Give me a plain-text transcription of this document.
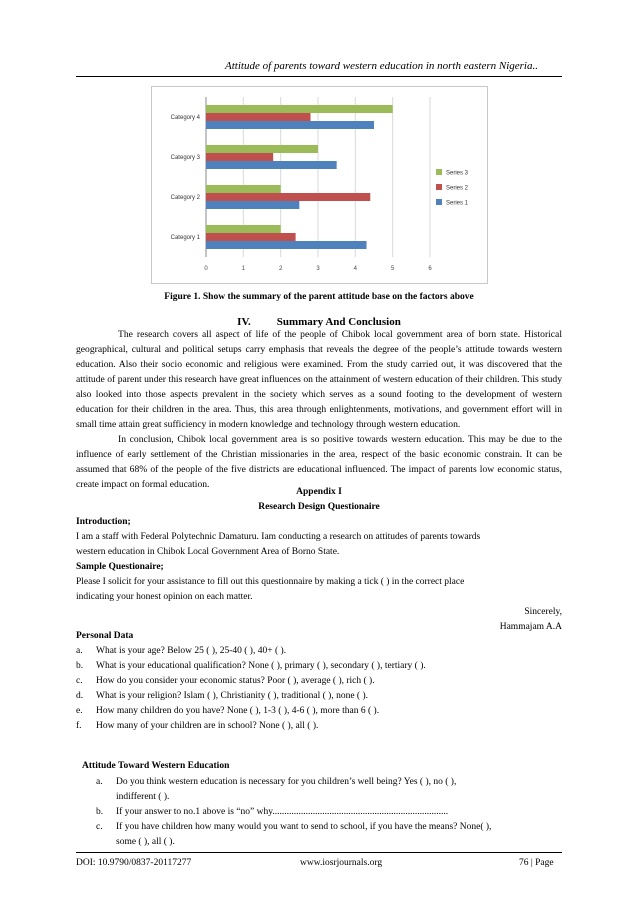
Attitude of parents toward western education in north eastern Nigeria..
0	1	2	3	4	5	6
Category 1
Category 2
Category 3
Category 4
Series 3
Series 2
Series 1
Figure 1. Show the summary of the parent attitude base on the factors above
IV. Summary And Conclusion

The research covers all aspect of life of the people of Chibok local government area of born state. Historical geographical, cultural and political setups carry emphasis that reveals the degree of the people’s attitude towards western education. Also their socio economic and religious were examined. From the study carried out, it was discovered that the attitude of parent under this research have great influences on the attainment of western education of their children. This study also looked into those aspects prevalent in the society which serves as a sound footing to the development of western education for their children in the area. Thus, this area through enlightenments, motivations, and government effort will in small time attain great sufficiency in modern knowledge and technology through western education.

In conclusion, Chibok local government area is so positive towards western education. This may be due to the influence of early settlement of the Christian missionaries in the area, respect of the basic economic constrain. It can be assumed that 68% of the people of the five districts are educational influenced. The impact of parents low economic status, create impact on formal education.

Appendix I
Research Design Questionaire
Introduction;
I am a staff with Federal Polytechnic Damaturu. Iam conducting a research on attitudes of parents towards
western education in Chibok Local Government Area of Borno State.
Sample Questionaire;
Please I solicit for your assistance to fill out this questionnaire by making a tick ( ) in the correct place
indicating your honest opinion on each matter.
Sincerely,
Hammajam A.A
Personal Data
a.	What is your age? Below 25 ( ), 25-40 ( ), 40+ ( ).
b.	What is your educational qualification? None ( ), primary ( ), secondary ( ), tertiary ( ).
c.	How do you consider your economic status? Poor ( ), average ( ), rich ( ).
d.	What is your religion? Islam ( ), Christianity ( ), traditional ( ), none ( ).
e.	How many children do you have? None ( ), 1-3 ( ), 4-6 ( ), more than 6 ( ).
f.	How many of your children are in school? None ( ), all ( ).
Attitude Toward Western Education
a.	Do you think western education is necessary for you children’s well being? Yes ( ), no ( ),
indifferent ( ).
b.	If your answer to no.1 above is “no” why..........................................................................
c.	If you have children how many would you want to send to school, if you have the means? None( ),
some ( ), all ( ).
DOI: 10.9790/0837-20117277	www.iosrjournals.org	76 | Page
